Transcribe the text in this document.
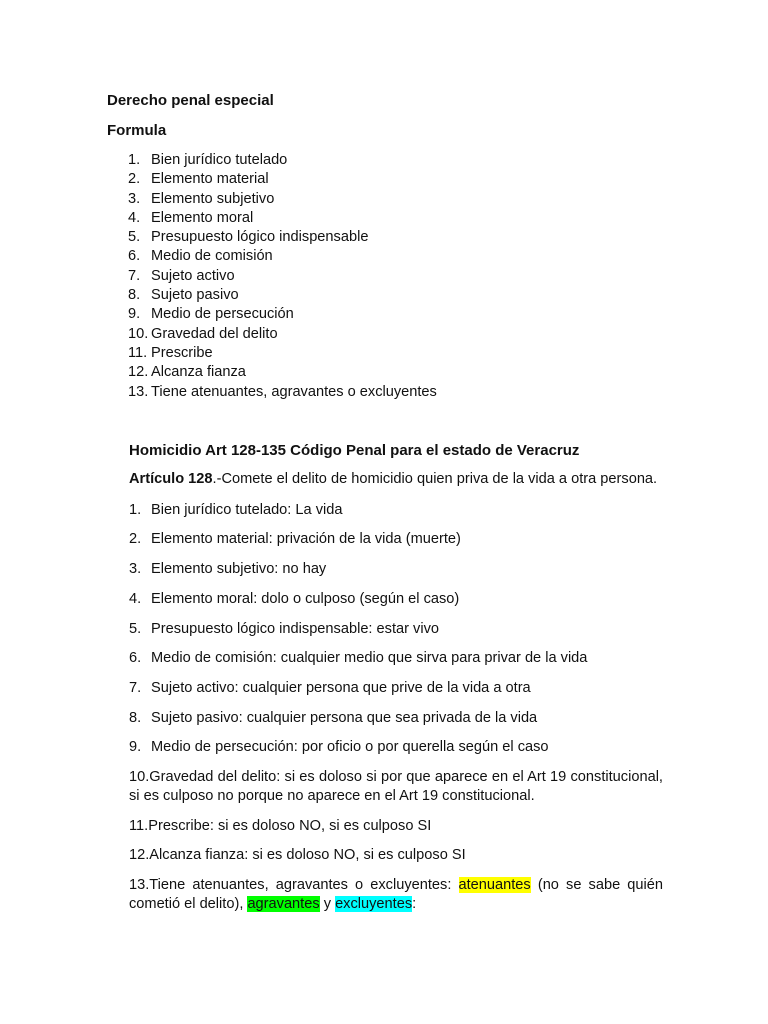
Derecho penal especial
Formula
1. Bien jurídico tutelado
2. Elemento material
3. Elemento subjetivo
4. Elemento moral
5. Presupuesto lógico indispensable
6. Medio de comisión
7. Sujeto activo
8. Sujeto pasivo
9. Medio de persecución
10. Gravedad del delito
11. Prescribe
12. Alcanza fianza
13. Tiene atenuantes, agravantes o excluyentes
Homicidio Art 128-135 Código Penal para el estado de Veracruz
Artículo 128.-Comete el delito de homicidio quien priva de la vida a otra persona.
1. Bien jurídico tutelado: La vida
2. Elemento material: privación de la vida (muerte)
3. Elemento subjetivo: no hay
4. Elemento moral: dolo o culposo (según el caso)
5. Presupuesto lógico indispensable: estar vivo
6. Medio de comisión: cualquier medio que sirva para privar de la vida
7. Sujeto activo: cualquier persona que prive de la vida a otra
8. Sujeto pasivo: cualquier persona que sea privada de la vida
9. Medio de persecución: por oficio o por querella según el caso
10.Gravedad del delito: si es doloso si por que aparece en el Art 19 constitucional, si es culposo no porque no aparece en el Art 19 constitucional.
11.Prescribe: si es doloso NO, si es culposo SI
12.Alcanza fianza: si es doloso NO, si es culposo SI
13.Tiene atenuantes, agravantes o excluyentes: atenuantes (no se sabe quién cometió el delito), agravantes y excluyentes:
